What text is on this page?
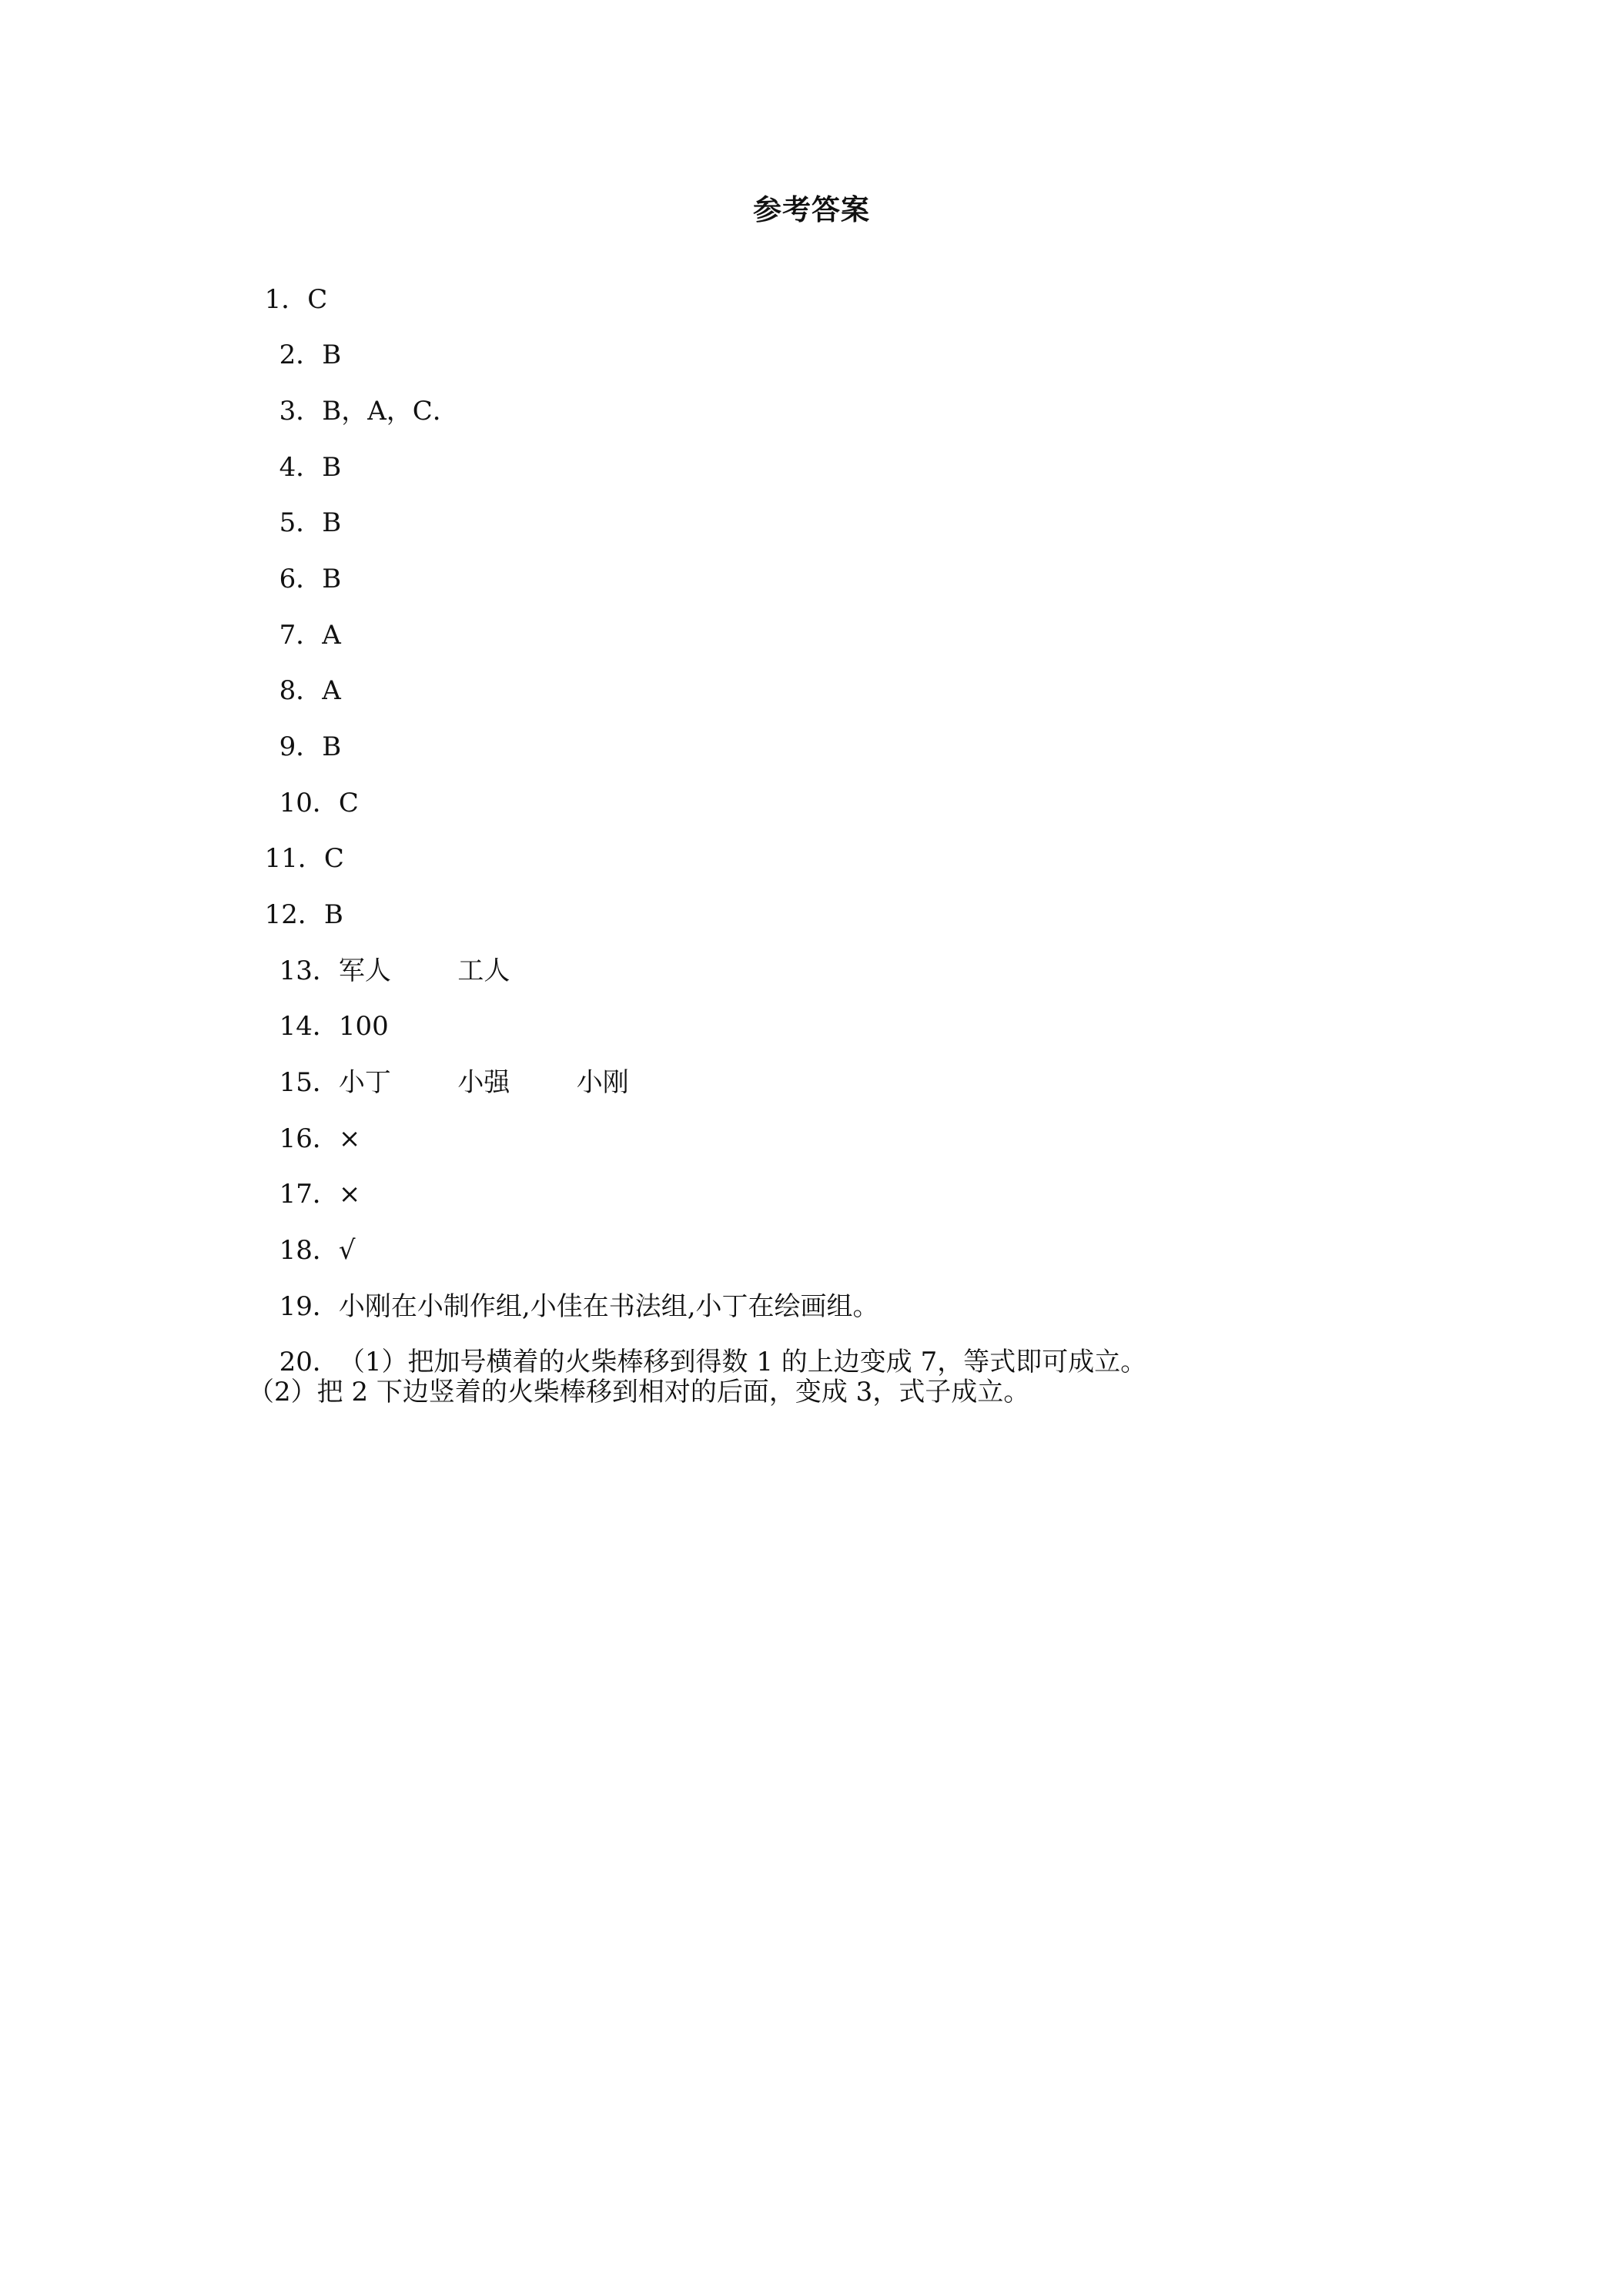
参考答案

1．C

2．B

3．B，A，C．

4．B

5．B

6．B

7．A

8．A

9．B

10．C

11．C

12．B

13．军人        工人

14．100

15．小丁        小强        小刚

16．×

17．×

18．√

19．小刚在小制作组,小佳在书法组,小丁在绘画组。

20．（1）把加号横着的火柴棒移到得数 1 的上边变成 7，等式即可成立。

（2）把 2 下边竖着的火柴棒移到相对的后面，变成 3，式子成立。
